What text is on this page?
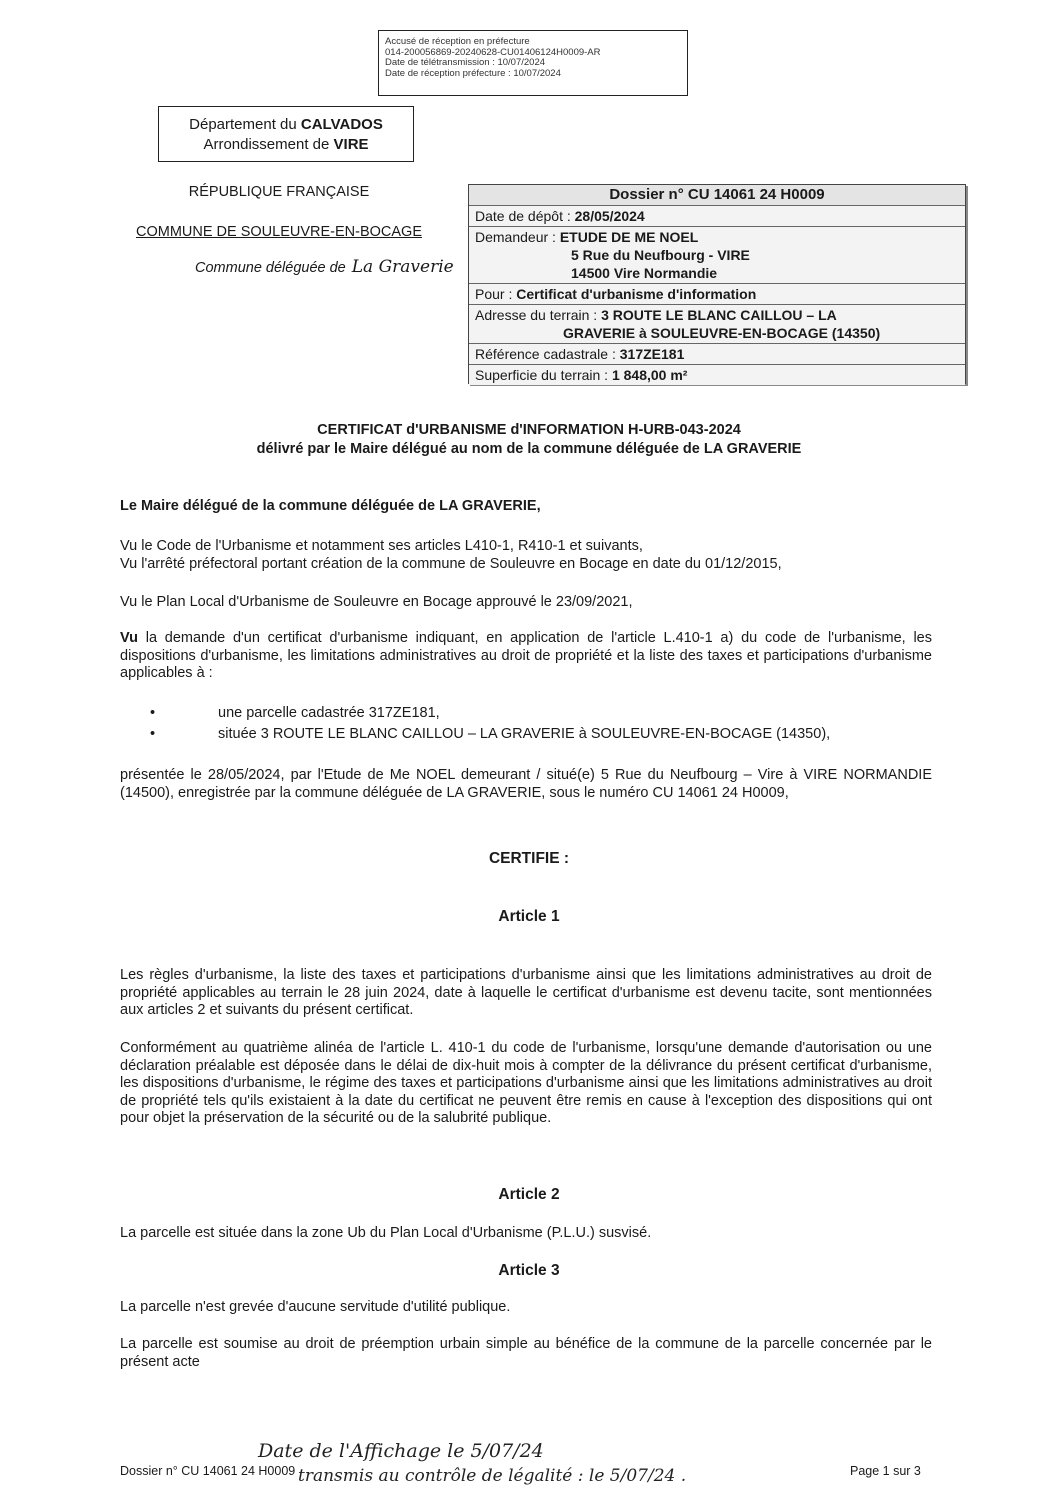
Accusé de réception en préfecture
014-200056869-20240628-CU01406124H0009-AR
Date de télétransmission : 10/07/2024
Date de réception préfecture : 10/07/2024
Département du CALVADOS
Arrondissement de VIRE
RÉPUBLIQUE FRANÇAISE
COMMUNE DE SOULEUVRE-EN-BOCAGE
Commune déléguée de La Graverie
Dossier n° CU 14061 24 H0009
Date de dépôt : 28/05/2024
Demandeur : ETUDE DE ME NOEL
5 Rue du Neufbourg - VIRE
14500 Vire Normandie
Pour : Certificat d'urbanisme d'information
Adresse du terrain : 3 ROUTE LE BLANC CAILLOU – LA
GRAVERIE à SOULEUVRE-EN-BOCAGE (14350)
Référence cadastrale : 317ZE181
Superficie du terrain : 1 848,00 m²
CERTIFICAT d'URBANISME d'INFORMATION H-URB-043-2024
délivré par le Maire délégué au nom de la commune déléguée de LA GRAVERIE
Le Maire délégué de la commune déléguée de LA GRAVERIE,
Vu le Code de l'Urbanisme et notamment ses articles L410-1, R410-1 et suivants,
Vu l'arrêté préfectoral portant création de la commune de Souleuvre en Bocage en date du 01/12/2015,
Vu le Plan Local d'Urbanisme de Souleuvre en Bocage approuvé le 23/09/2021,
Vu la demande d'un certificat d'urbanisme indiquant, en application de l'article L.410-1 a) du code de l'urbanisme, les dispositions d'urbanisme, les limitations administratives au droit de propriété et la liste des taxes et participations d'urbanisme applicables à :
•	une parcelle cadastrée 317ZE181,
•	située 3 ROUTE LE BLANC CAILLOU – LA GRAVERIE à SOULEUVRE-EN-BOCAGE (14350),
présentée le 28/05/2024, par l'Etude de Me NOEL demeurant / situé(e) 5 Rue du Neufbourg – Vire à VIRE NORMANDIE (14500), enregistrée par la commune déléguée de LA GRAVERIE, sous le numéro CU 14061 24 H0009,
CERTIFIE :
Article 1
Les règles d'urbanisme, la liste des taxes et participations d'urbanisme ainsi que les limitations administratives au droit de propriété applicables au terrain le 28 juin 2024, date à laquelle le certificat d'urbanisme est devenu tacite, sont mentionnées aux articles 2 et suivants du présent certificat.
Conformément au quatrième alinéa de l'article L. 410-1 du code de l'urbanisme, lorsqu'une demande d'autorisation ou une déclaration préalable est déposée dans le délai de dix-huit mois à compter de la délivrance du présent certificat d'urbanisme, les dispositions d'urbanisme, le régime des taxes et participations d'urbanisme ainsi que les limitations administratives au droit de propriété tels qu'ils existaient à la date du certificat ne peuvent être remis en cause à l'exception des dispositions qui ont pour objet la préservation de la sécurité ou de la salubrité publique.
Article 2
La parcelle est située dans la zone Ub du Plan Local d'Urbanisme (P.L.U.) susvisé.
Article 3
La parcelle n'est grevée d'aucune servitude d'utilité publique.
La parcelle est soumise au droit de préemption urbain simple au bénéfice de la commune de la parcelle concernée par le présent acte
Date de l'Affichage le 5/07/24
transmis au contrôle de légalité : le 5/07/24 .
Dossier n° CU 14061 24 H0009	Page 1 sur 3
